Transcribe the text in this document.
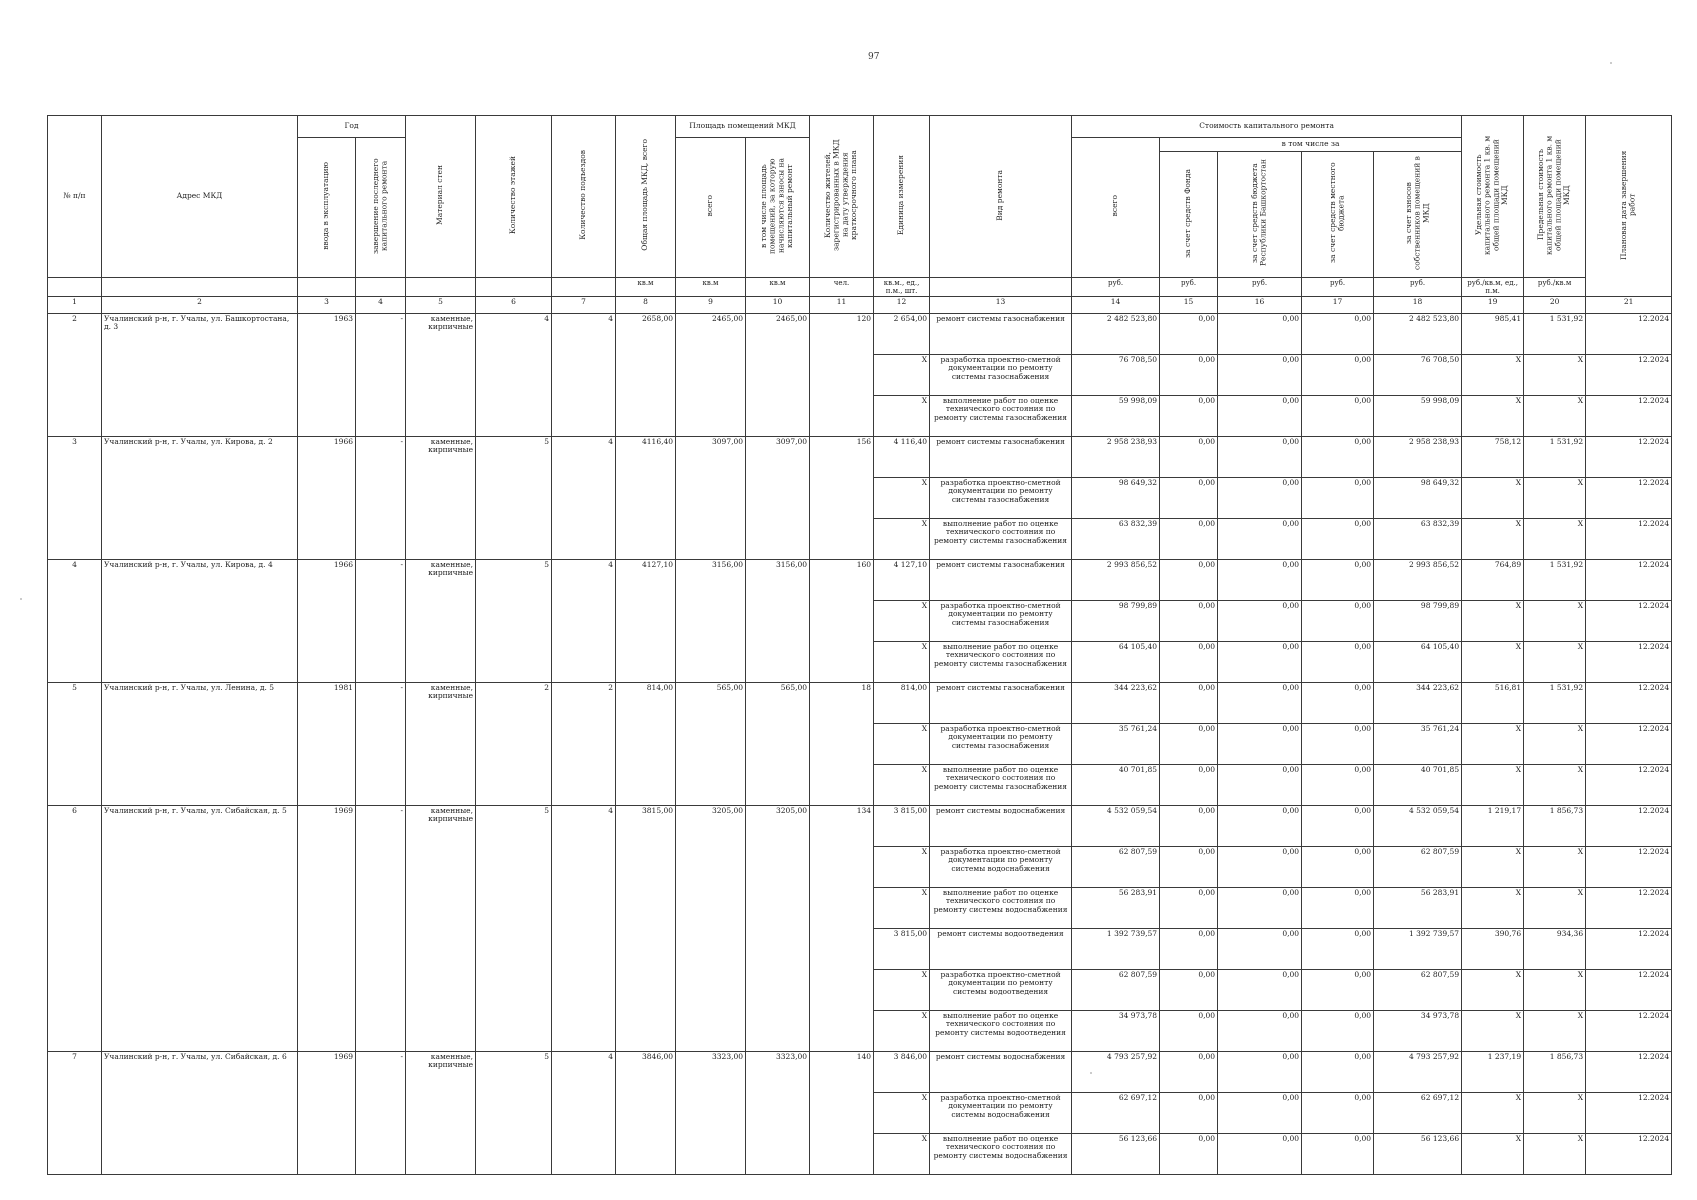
97
№ п/п	Адрес МКД	Год		Материал стен	Количество этажей	Количество подъездов	Общая площадь МКД, всего	Площадь помещений МКД		Количество жителей, зарегистрированных в МКД на дату утверждения краткосрочного плана	Единица измерения	Вид ремонта	Стоимость капитального ремонта					Удельная стоимость капитального ремонта 1 кв. м общей площади помещений МКД	Предельная стоимость капитального ремонта 1 кв. м общей площади помещений МКД	Плановая дата завершения работ
		ввода в эксплуатацию	завершение последнего капитального ремонта					всего	в том числе площадь помещений, за которую начисляются взносы на капитальный ремонт				всего	в том числе за						
														за счет средств Фонда	за счет средств бюджета Республики Башкортостан	за счет средств местного бюджета	за счет взносов собственников помещений в МКД			
							кв.м	кв.м	кв.м	чел.	кв.м., ед., п.м., шт.		руб.	руб.	руб.	руб.	руб.	руб./кв.м, ед., п.м.	руб./кв.м	
1	2	3	4	5	6	7	8	9	10	11	12	13	14	15	16	17	18	19	20	21
2	Учалинский р-н, г. Учалы, ул. Башкортостана, д. 3	1963	-	каменные, кирпичные	4	4	2658,00	2465,00	2465,00	120	2 654,00	ремонт системы газоснабжения	2 482 523,80	0,00	0,00	0,00	2 482 523,80	985,41	1 531,92	12.2024
											X	разработка проектно-сметной документации по ремонту системы газоснабжения	76 708,50	0,00	0,00	0,00	76 708,50	X	X	12.2024
											X	выполнение работ по оценке технического состояния по ремонту системы газоснабжения	59 998,09	0,00	0,00	0,00	59 998,09	X	X	12.2024
3	Учалинский р-н, г. Учалы, ул. Кирова, д. 2	1966	-	каменные, кирпичные	5	4	4116,40	3097,00	3097,00	156	4 116,40	ремонт системы газоснабжения	2 958 238,93	0,00	0,00	0,00	2 958 238,93	758,12	1 531,92	12.2024
											X	разработка проектно-сметной документации по ремонту системы газоснабжения	98 649,32	0,00	0,00	0,00	98 649,32	X	X	12.2024
											X	выполнение работ по оценке технического состояния по ремонту системы газоснабжения	63 832,39	0,00	0,00	0,00	63 832,39	X	X	12.2024
4	Учалинский р-н, г. Учалы, ул. Кирова, д. 4	1966	-	каменные, кирпичные	5	4	4127,10	3156,00	3156,00	160	4 127,10	ремонт системы газоснабжения	2 993 856,52	0,00	0,00	0,00	2 993 856,52	764,89	1 531,92	12.2024
											X	разработка проектно-сметной документации по ремонту системы газоснабжения	98 799,89	0,00	0,00	0,00	98 799,89	X	X	12.2024
											X	выполнение работ по оценке технического состояния по ремонту системы газоснабжения	64 105,40	0,00	0,00	0,00	64 105,40	X	X	12.2024
5	Учалинский р-н, г. Учалы, ул. Ленина, д. 5	1981	-	каменные, кирпичные	2	2	814,00	565,00	565,00	18	814,00	ремонт системы газоснабжения	344 223,62	0,00	0,00	0,00	344 223,62	516,81	1 531,92	12.2024
											X	разработка проектно-сметной документации по ремонту системы газоснабжения	35 761,24	0,00	0,00	0,00	35 761,24	X	X	12.2024
											X	выполнение работ по оценке технического состояния по ремонту системы газоснабжения	40 701,85	0,00	0,00	0,00	40 701,85	X	X	12.2024
6	Учалинский р-н, г. Учалы, ул. Сибайская, д. 5	1969	-	каменные, кирпичные	5	4	3815,00	3205,00	3205,00	134	3 815,00	ремонт системы водоснабжения	4 532 059,54	0,00	0,00	0,00	4 532 059,54	1 219,17	1 856,73	12.2024
											X	разработка проектно-сметной документации по ремонту системы водоснабжения	62 807,59	0,00	0,00	0,00	62 807,59	X	X	12.2024
											X	выполнение работ по оценке технического состояния по ремонту системы водоснабжения	56 283,91	0,00	0,00	0,00	56 283,91	X	X	12.2024
											3 815,00	ремонт системы водоотведения	1 392 739,57	0,00	0,00	0,00	1 392 739,57	390,76	934,36	12.2024
											X	разработка проектно-сметной документации по ремонту системы водоотведения	62 807,59	0,00	0,00	0,00	62 807,59	X	X	12.2024
											X	выполнение работ по оценке технического состояния по ремонту системы водоотведения	34 973,78	0,00	0,00	0,00	34 973,78	X	X	12.2024
7	Учалинский р-н, г. Учалы, ул. Сибайская, д. 6	1969	-	каменные, кирпичные	5	4	3846,00	3323,00	3323,00	140	3 846,00	ремонт системы водоснабжения	4 793 257,92	0,00	0,00	0,00	4 793 257,92	1 237,19	1 856,73	12.2024
											X	разработка проектно-сметной документации по ремонту системы водоснабжения	62 697,12	0,00	0,00	0,00	62 697,12	X	X	12.2024
											X	выполнение работ по оценке технического состояния по ремонту системы водоснабжения	56 123,66	0,00	0,00	0,00	56 123,66	X	X	12.2024
